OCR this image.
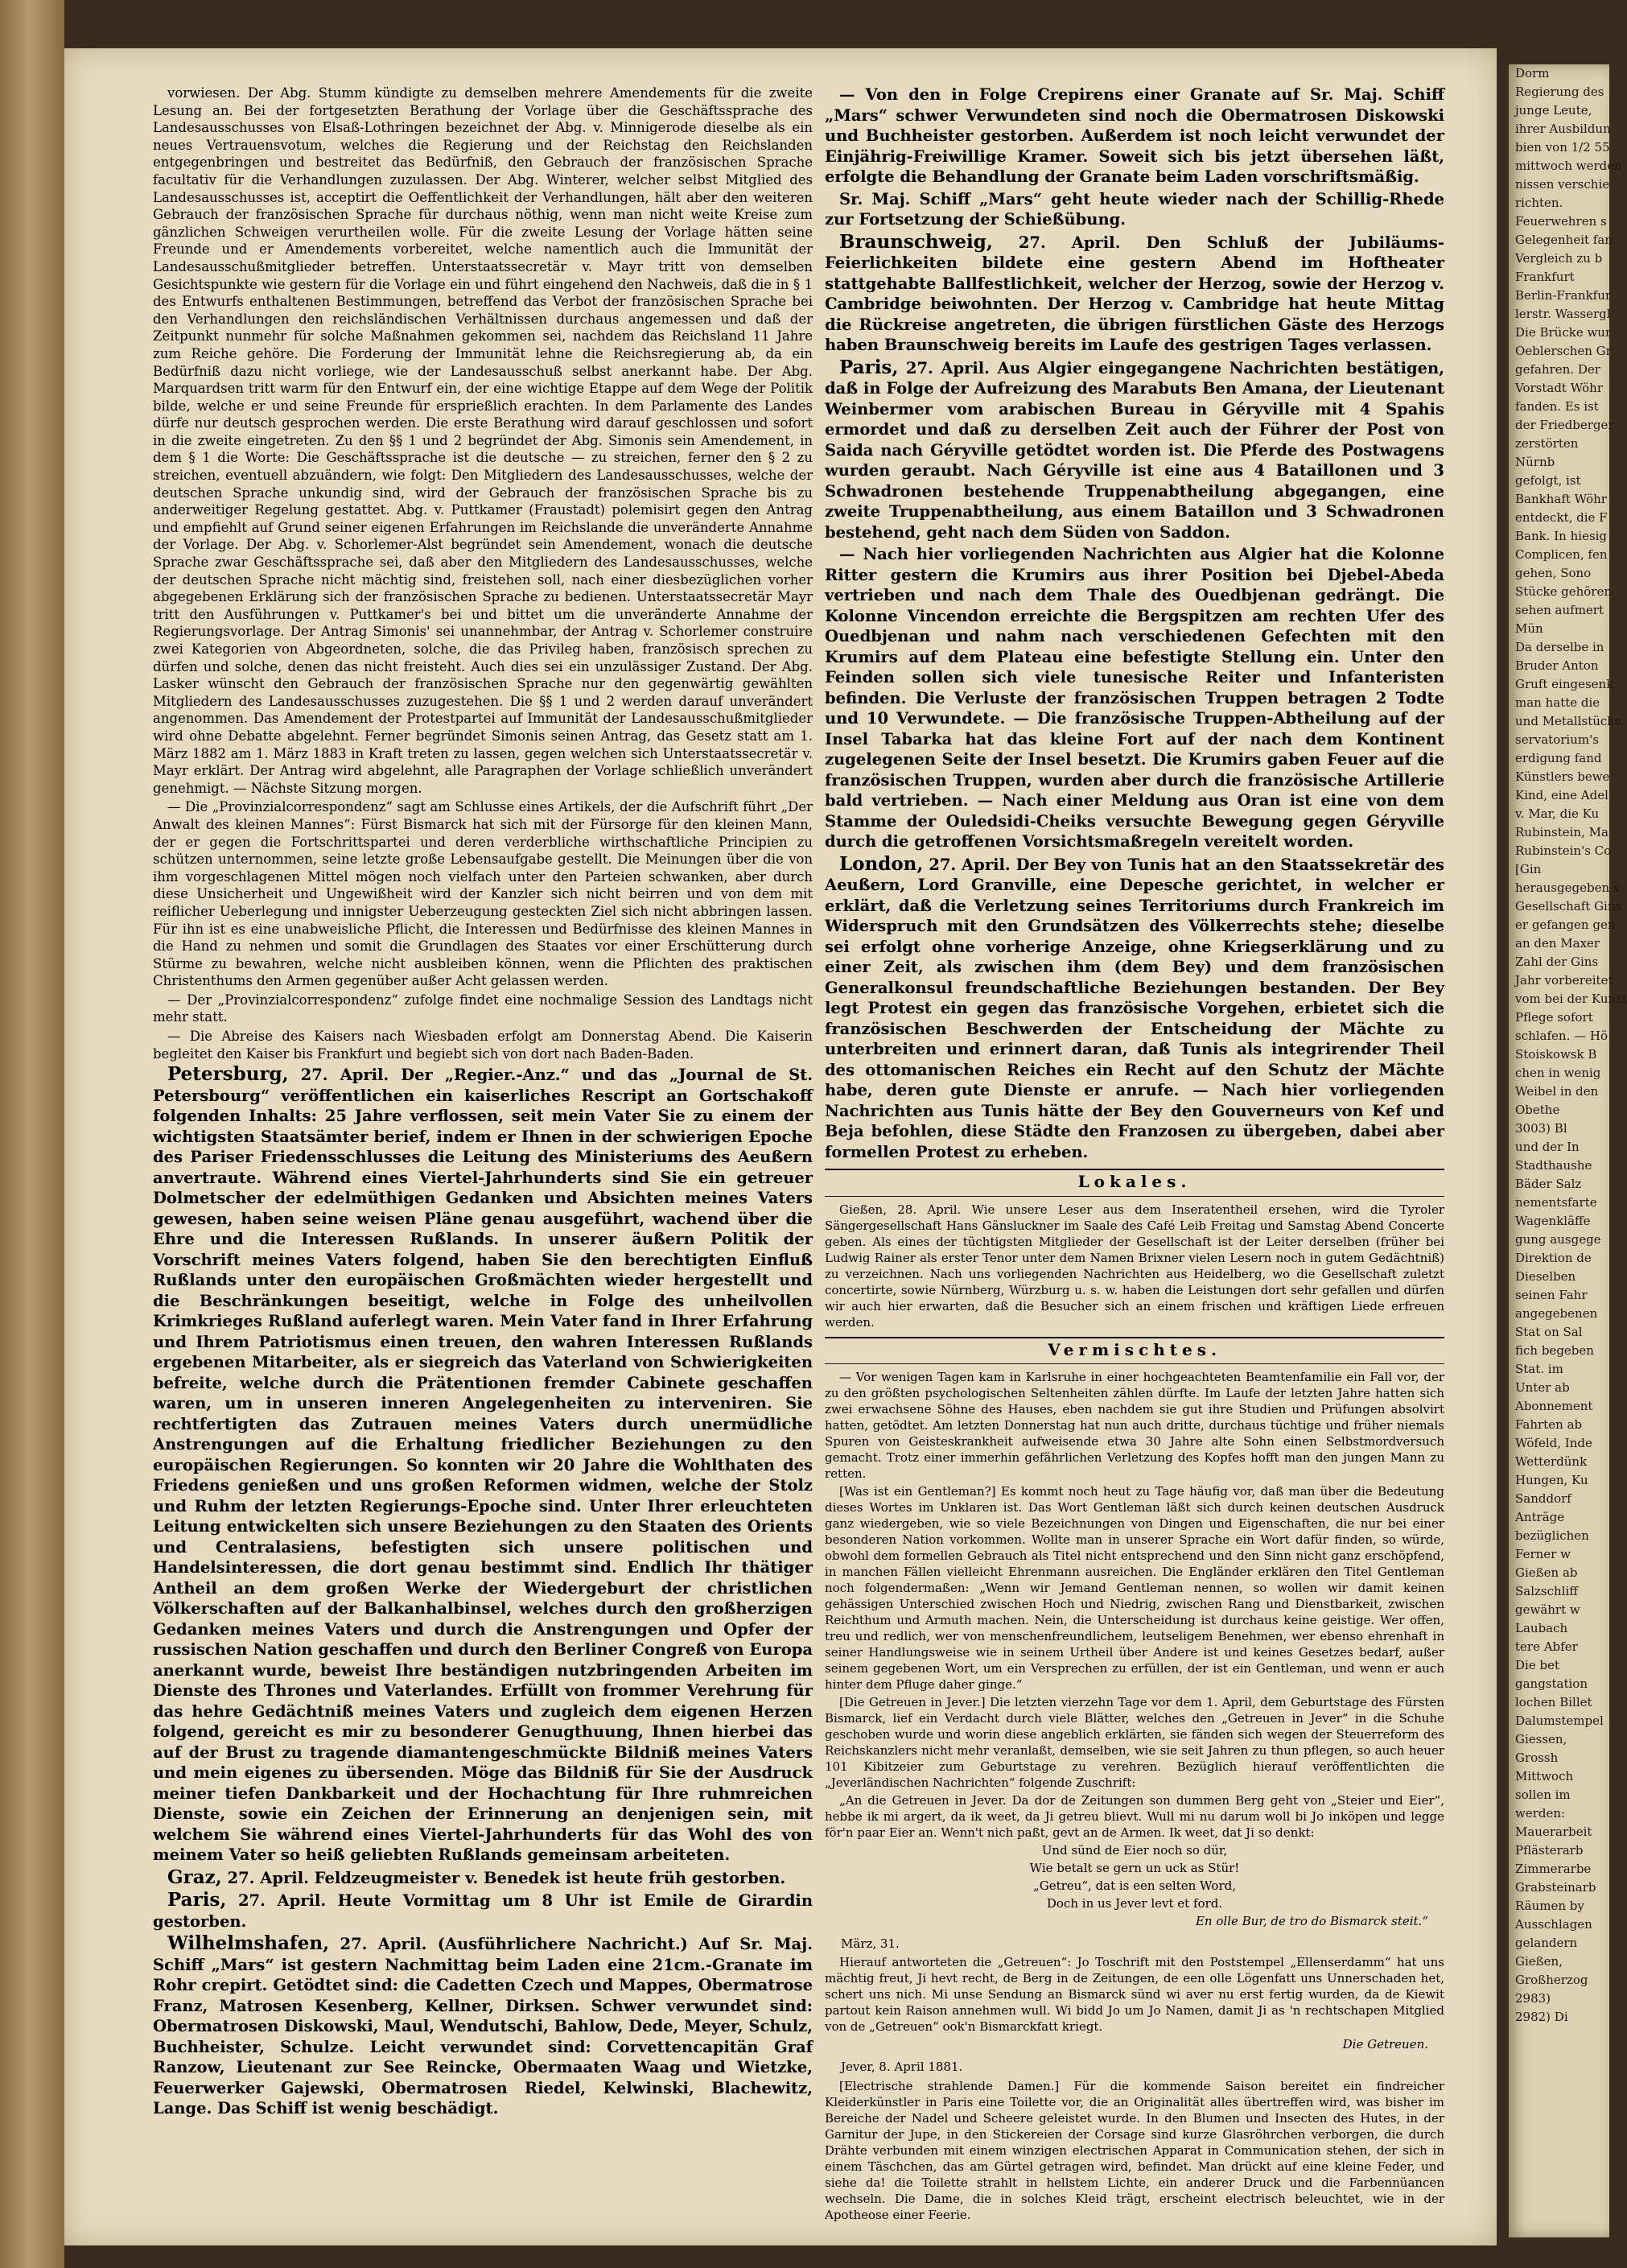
vorwiesen. Der Abg. Stumm kündigte zu demselben mehrere Amendements für die zweite Lesung an. Bei der fortgesetzten Berathung der Vorlage über die Geschäftssprache des Landesausschusses von Elsaß-Lothringen bezeichnet der Abg. v. Minnigerode dieselbe als ein neues Vertrauensvotum, welches die Regierung und der Reichstag den Reichslanden entgegenbringen und bestreitet das Bedürfniß, den Gebrauch der französischen Sprache facultativ für die Verhandlungen zuzulassen. Der Abg. Winterer, welcher selbst Mitglied des Landesausschusses ist, acceptirt die Oeffentlichkeit der Verhandlungen, hält aber den weiteren Gebrauch der französischen Sprache für durchaus nöthig, wenn man nicht weite Kreise zum gänzlichen Schweigen verurtheilen wolle. Für die zweite Lesung der Vorlage hätten seine Freunde und er Amendements vorbereitet, welche namentlich auch die Immunität der Landesausschußmitglieder betreffen. Unterstaatssecretär v. Mayr tritt von demselben Gesichtspunkte wie gestern für die Vorlage ein und führt eingehend den Nachweis, daß die in § 1 des Entwurfs enthaltenen Bestimmungen, betreffend das Verbot der französischen Sprache bei den Verhandlungen den reichsländischen Verhältnissen durchaus angemessen und daß der Zeitpunkt nunmehr für solche Maßnahmen gekommen sei, nachdem das Reichsland 11 Jahre zum Reiche gehöre. Die Forderung der Immunität lehne die Reichsregierung ab, da ein Bedürfniß dazu nicht vorliege, wie der Landesausschuß selbst anerkannt habe. Der Abg. Marquardsen tritt warm für den Entwurf ein, der eine wichtige Etappe auf dem Wege der Politik bilde, welche er und seine Freunde für ersprießlich erachten. In dem Parlamente des Landes dürfe nur deutsch gesprochen werden. Die erste Berathung wird darauf geschlossen und sofort in die zweite eingetreten. Zu den §§ 1 und 2 begründet der Abg. Simonis sein Amendement, in dem § 1 die Worte: Die Geschäftssprache ist die deutsche — zu streichen, ferner den § 2 zu streichen, eventuell abzuändern, wie folgt: Den Mitgliedern des Landesausschusses, welche der deutschen Sprache unkundig sind, wird der Gebrauch der französischen Sprache bis zu anderweitiger Regelung gestattet. Abg. v. Puttkamer (Fraustadt) polemisirt gegen den Antrag und empfiehlt auf Grund seiner eigenen Erfahrungen im Reichslande die unveränderte Annahme der Vorlage. Der Abg. v. Schorlemer-Alst begründet sein Amendement, wonach die deutsche Sprache zwar Geschäftssprache sei, daß aber den Mitgliedern des Landesausschusses, welche der deutschen Sprache nicht mächtig sind, freistehen soll, nach einer diesbezüglichen vorher abgegebenen Erklärung sich der französischen Sprache zu bedienen. Unterstaatssecretär Mayr tritt den Ausführungen v. Puttkamer's bei und bittet um die unveränderte Annahme der Regierungsvorlage. Der Antrag Simonis' sei unannehmbar, der Antrag v. Schorlemer construire zwei Kategorien von Abgeordneten, solche, die das Privileg haben, französisch sprechen zu dürfen und solche, denen das nicht freisteht. Auch dies sei ein unzulässiger Zustand. Der Abg. Lasker wünscht den Gebrauch der französischen Sprache nur den gegenwärtig gewählten Mitgliedern des Landesausschusses zuzugestehen. Die §§ 1 und 2 werden darauf unverändert angenommen. Das Amendement der Protestpartei auf Immunität der Landesausschußmitglieder wird ohne Debatte abgelehnt. Ferner begründet Simonis seinen Antrag, das Gesetz statt am 1. März 1882 am 1. März 1883 in Kraft treten zu lassen, gegen welchen sich Unterstaatssecretär v. Mayr erklärt. Der Antrag wird abgelehnt, alle Paragraphen der Vorlage schließlich unverändert genehmigt. — Nächste Sitzung morgen.

— Die „Provinzialcorrespondenz“ sagt am Schlusse eines Artikels, der die Aufschrift führt „Der Anwalt des kleinen Mannes“: Fürst Bismarck hat sich mit der Fürsorge für den kleinen Mann, der er gegen die Fortschrittspartei und deren verderbliche wirthschaftliche Principien zu schützen unternommen, seine letzte große Lebensaufgabe gestellt. Die Meinungen über die von ihm vorgeschlagenen Mittel mögen noch vielfach unter den Parteien schwanken, aber durch diese Unsicherheit und Ungewißheit wird der Kanzler sich nicht beirren und von dem mit reiflicher Ueberlegung und innigster Ueberzeugung gesteckten Ziel sich nicht abbringen lassen. Für ihn ist es eine unabweisliche Pflicht, die Interessen und Bedürfnisse des kleinen Mannes in die Hand zu nehmen und somit die Grundlagen des Staates vor einer Erschütterung durch Stürme zu bewahren, welche nicht ausbleiben können, wenn die Pflichten des praktischen Christenthums den Armen gegenüber außer Acht gelassen werden.

— Der „Provinzialcorrespondenz“ zufolge findet eine nochmalige Session des Landtags nicht mehr statt.

— Die Abreise des Kaisers nach Wiesbaden erfolgt am Donnerstag Abend. Die Kaiserin begleitet den Kaiser bis Frankfurt und begiebt sich von dort nach Baden-Baden.

Petersburg, 27. April. Der „Regier.-Anz.“ und das „Journal de St. Petersbourg“ veröffentlichen ein kaiserliches Rescript an Gortschakoff folgenden Inhalts: 25 Jahre verflossen, seit mein Vater Sie zu einem der wichtigsten Staatsämter berief, indem er Ihnen in der schwierigen Epoche des Pariser Friedensschlusses die Leitung des Ministeriums des Aeußern anvertraute. Während eines Viertel-Jahrhunderts sind Sie ein getreuer Dolmetscher der edelmüthigen Gedanken und Absichten meines Vaters gewesen, haben seine weisen Pläne genau ausgeführt, wachend über die Ehre und die Interessen Rußlands. In unserer äußern Politik der Vorschrift meines Vaters folgend, haben Sie den berechtigten Einfluß Rußlands unter den europäischen Großmächten wieder hergestellt und die Beschränkungen beseitigt, welche in Folge des unheilvollen Krimkrieges Rußland auferlegt waren. Mein Vater fand in Ihrer Erfahrung und Ihrem Patriotismus einen treuen, den wahren Interessen Rußlands ergebenen Mitarbeiter, als er siegreich das Vaterland von Schwierigkeiten befreite, welche durch die Prätentionen fremder Cabinete geschaffen waren, um in unseren inneren Angelegenheiten zu interveniren. Sie rechtfertigten das Zutrauen meines Vaters durch unermüdliche Anstrengungen auf die Erhaltung friedlicher Beziehungen zu den europäischen Regierungen. So konnten wir 20 Jahre die Wohlthaten des Friedens genießen und uns großen Reformen widmen, welche der Stolz und Ruhm der letzten Regierungs-Epoche sind. Unter Ihrer erleuchteten Leitung entwickelten sich unsere Beziehungen zu den Staaten des Orients und Centralasiens, befestigten sich unsere politischen und Handelsinteressen, die dort genau bestimmt sind. Endlich Ihr thätiger Antheil an dem großen Werke der Wiedergeburt der christlichen Völkerschaften auf der Balkanhalbinsel, welches durch den großherzigen Gedanken meines Vaters und durch die Anstrengungen und Opfer der russischen Nation geschaffen und durch den Berliner Congreß von Europa anerkannt wurde, beweist Ihre beständigen nutzbringenden Arbeiten im Dienste des Thrones und Vaterlandes. Erfüllt von frommer Verehrung für das hehre Gedächtniß meines Vaters und zugleich dem eigenen Herzen folgend, gereicht es mir zu besonderer Genugthuung, Ihnen hierbei das auf der Brust zu tragende diamantengeschmückte Bildniß meines Vaters und mein eigenes zu übersenden. Möge das Bildniß für Sie der Ausdruck meiner tiefen Dankbarkeit und der Hochachtung für Ihre ruhmreichen Dienste, sowie ein Zeichen der Erinnerung an denjenigen sein, mit welchem Sie während eines Viertel-Jahrhunderts für das Wohl des von meinem Vater so heiß geliebten Rußlands gemeinsam arbeiteten.

Graz, 27. April. Feldzeugmeister v. Benedek ist heute früh gestorben.

Paris, 27. April. Heute Vormittag um 8 Uhr ist Emile de Girardin gestorben.

Wilhelmshafen, 27. April. (Ausführlichere Nachricht.) Auf Sr. Maj. Schiff „Mars“ ist gestern Nachmittag beim Laden eine 21cm.-Granate im Rohr crepirt. Getödtet sind: die Cadetten Czech und Mappes, Obermatrose Franz, Matrosen Kesenberg, Kellner, Dirksen. Schwer verwundet sind: Obermatrosen Diskowski, Maul, Wendutschi, Bahlow, Dede, Meyer, Schulz, Buchheister, Schulze. Leicht verwundet sind: Corvettencapitän Graf Ranzow, Lieutenant zur See Reincke, Obermaaten Waag und Wietzke, Feuerwerker Gajewski, Obermatrosen Riedel, Kelwinski, Blachewitz, Lange. Das Schiff ist wenig beschädigt.

— Von den in Folge Crepirens einer Granate auf Sr. Maj. Schiff „Mars“ schwer Verwundeten sind noch die Obermatrosen Diskowski und Buchheister gestorben. Außerdem ist noch leicht verwundet der Einjährig-Freiwillige Kramer. Soweit sich bis jetzt übersehen läßt, erfolgte die Behandlung der Granate beim Laden vorschriftsmäßig.

Sr. Maj. Schiff „Mars“ geht heute wieder nach der Schillig-Rhede zur Fortsetzung der Schießübung.

Braunschweig, 27. April. Den Schluß der Jubiläums-Feierlichkeiten bildete eine gestern Abend im Hoftheater stattgehabte Ballfestlichkeit, welcher der Herzog, sowie der Herzog v. Cambridge beiwohnten. Der Herzog v. Cambridge hat heute Mittag die Rückreise angetreten, die übrigen fürstlichen Gäste des Herzogs haben Braunschweig bereits im Laufe des gestrigen Tages verlassen.

Paris, 27. April. Aus Algier eingegangene Nachrichten bestätigen, daß in Folge der Aufreizung des Marabuts Ben Amana, der Lieutenant Weinbermer vom arabischen Bureau in Géryville mit 4 Spahis ermordet und daß zu derselben Zeit auch der Führer der Post von Saida nach Géryville getödtet worden ist. Die Pferde des Postwagens wurden geraubt. Nach Géryville ist eine aus 4 Bataillonen und 3 Schwadronen bestehende Truppenabtheilung abgegangen, eine zweite Truppenabtheilung, aus einem Bataillon und 3 Schwadronen bestehend, geht nach dem Süden von Saddon.

— Nach hier vorliegenden Nachrichten aus Algier hat die Kolonne Ritter gestern die Krumirs aus ihrer Position bei Djebel-Abeda vertrieben und nach dem Thale des Ouedbjenan gedrängt. Die Kolonne Vincendon erreichte die Bergspitzen am rechten Ufer des Ouedbjenan und nahm nach verschiedenen Gefechten mit den Krumirs auf dem Plateau eine befestigte Stellung ein. Unter den Feinden sollen sich viele tunesische Reiter und Infanteristen befinden. Die Verluste der französischen Truppen betragen 2 Todte und 10 Verwundete. — Die französische Truppen-Abtheilung auf der Insel Tabarka hat das kleine Fort auf der nach dem Kontinent zugelegenen Seite der Insel besetzt. Die Krumirs gaben Feuer auf die französischen Truppen, wurden aber durch die französische Artillerie bald vertrieben. — Nach einer Meldung aus Oran ist eine von dem Stamme der Ouledsidi-Cheiks versuchte Bewegung gegen Géryville durch die getroffenen Vorsichtsmaßregeln vereitelt worden.

London, 27. April. Der Bey von Tunis hat an den Staatssekretär des Aeußern, Lord Granville, eine Depesche gerichtet, in welcher er erklärt, daß die Verletzung seines Territoriums durch Frankreich im Widerspruch mit den Grundsätzen des Völkerrechts stehe; dieselbe sei erfolgt ohne vorherige Anzeige, ohne Kriegserklärung und zu einer Zeit, als zwischen ihm (dem Bey) und dem französischen Generalkonsul freundschaftliche Beziehungen bestanden. Der Bey legt Protest ein gegen das französische Vorgehen, erbietet sich die französischen Beschwerden der Entscheidung der Mächte zu unterbreiten und erinnert daran, daß Tunis als integrirender Theil des ottomanischen Reiches ein Recht auf den Schutz der Mächte habe, deren gute Dienste er anrufe. — Nach hier vorliegenden Nachrichten aus Tunis hätte der Bey den Gouverneurs von Kef und Beja befohlen, diese Städte den Franzosen zu übergeben, dabei aber formellen Protest zu erheben.

Lokales.

Gießen, 28. April. Wie unsere Leser aus dem Inseratentheil ersehen, wird die Tyroler Sängergesellschaft Hans Gänsluckner im Saale des Café Leib Freitag und Samstag Abend Concerte geben. Als eines der tüchtigsten Mitglieder der Gesellschaft ist der Leiter derselben (früher bei Ludwig Rainer als erster Tenor unter dem Namen Brixner vielen Lesern noch in gutem Gedächtniß) zu verzeichnen. Nach uns vorliegenden Nachrichten aus Heidelberg, wo die Gesellschaft zuletzt concertirte, sowie Nürnberg, Würzburg u. s. w. haben die Leistungen dort sehr gefallen und dürfen wir auch hier erwarten, daß die Besucher sich an einem frischen und kräftigen Liede erfreuen werden.

Vermischtes.

— Vor wenigen Tagen kam in Karlsruhe in einer hochgeachteten Beamtenfamilie ein Fall vor, der zu den größten psychologischen Seltenheiten zählen dürfte. Im Laufe der letzten Jahre hatten sich zwei erwachsene Söhne des Hauses, eben nachdem sie gut ihre Studien und Prüfungen absolvirt hatten, getödtet. Am letzten Donnerstag hat nun auch dritte, durchaus tüchtige und früher niemals Spuren von Geisteskrankheit aufweisende etwa 30 Jahre alte Sohn einen Selbstmordversuch gemacht. Trotz einer immerhin gefährlichen Verletzung des Kopfes hofft man den jungen Mann zu retten.

[Was ist ein Gentleman?] Es kommt noch heut zu Tage häufig vor, daß man über die Bedeutung dieses Wortes im Unklaren ist. Das Wort Gentleman läßt sich durch keinen deutschen Ausdruck ganz wiedergeben, wie so viele Bezeichnungen von Dingen und Eigenschaften, die nur bei einer besonderen Nation vorkommen. Wollte man in unserer Sprache ein Wort dafür finden, so würde, obwohl dem formellen Gebrauch als Titel nicht entsprechend und den Sinn nicht ganz erschöpfend, in manchen Fällen vielleicht Ehrenmann ausreichen. Die Engländer erklären den Titel Gentleman noch folgendermaßen: „Wenn wir Jemand Gentleman nennen, so wollen wir damit keinen gehässigen Unterschied zwischen Hoch und Niedrig, zwischen Rang und Dienstbarkeit, zwischen Reichthum und Armuth machen. Nein, die Unterscheidung ist durchaus keine geistige. Wer offen, treu und redlich, wer von menschenfreundlichem, leutseligem Benehmen, wer ebenso ehrenhaft in seiner Handlungsweise wie in seinem Urtheil über Andere ist und keines Gesetzes bedarf, außer seinem gegebenen Wort, um ein Versprechen zu erfüllen, der ist ein Gentleman, und wenn er auch hinter dem Pfluge daher ginge.“

[Die Getreuen in Jever.] Die letzten vierzehn Tage vor dem 1. April, dem Geburtstage des Fürsten Bismarck, lief ein Verdacht durch viele Blätter, welches den „Getreuen in Jever“ in die Schuhe geschoben wurde und worin diese angeblich erklärten, sie fänden sich wegen der Steuerreform des Reichskanzlers nicht mehr veranlaßt, demselben, wie sie seit Jahren zu thun pflegen, so auch heuer 101 Kibitzeier zum Geburtstage zu verehren. Bezüglich hierauf veröffentlichten die „Jeverländischen Nachrichten“ folgende Zuschrift:

„An die Getreuen in Jever. Da dor de Zeitungen son dummen Berg geht von „Steier und Eier“, hebbe ik mi argert, da ik weet, da Ji getreu blievt. Wull mi nu darum woll bi Jo inköpen und legge för'n paar Eier an. Wenn't nich paßt, gevt an de Armen. Ik weet, dat Ji so denkt:

Und sünd de Eier noch so dür,
Wie betalt se gern un uck as Stür!
„Getreu“, dat is een selten Word,
Doch in us Jever levt et ford.
En olle Bur, de tro do Bismarck steit.“
März, 31.

Hierauf antworteten die „Getreuen“: Jo Toschrift mit den Poststempel „Ellenserdamm“ hat uns mächtig freut, Ji hevt recht, de Berg in de Zeitungen, de een olle Lögenfatt uns Unnerschaden het, schert uns nich. Mi unse Sendung an Bismarck sünd wi aver nu erst fertig wurden, da de Kiewit partout kein Raison annehmen wull. Wi bidd Jo um Jo Namen, damit Ji as 'n rechtschapen Mitglied von de „Getreuen“ ook'n Bismarckfatt kriegt.

Die Getreuen.
Jever, 8. April 1881.

[Electrische strahlende Damen.] Für die kommende Saison bereitet ein findreicher Kleiderkünstler in Paris eine Toilette vor, die an Originalität alles übertreffen wird, was bisher im Bereiche der Nadel und Scheere geleistet wurde. In den Blumen und Insecten des Hutes, in der Garnitur der Jupe, in den Stickereien der Corsage sind kurze Glasröhrchen verborgen, die durch Drähte verbunden mit einem winzigen electrischen Apparat in Communication stehen, der sich in einem Täschchen, das am Gürtel getragen wird, befindet. Man drückt auf eine kleine Feder, und siehe da! die Toilette strahlt in hellstem Lichte, ein anderer Druck und die Farbennüancen wechseln. Die Dame, die in solches Kleid trägt, erscheint electrisch beleuchtet, wie in der Apotheose einer Feerie.

Dorm

Regierung des

junge Leute,

ihrer Ausbildun

bien von 1/2 55

mittwoch werden

nissen verschie

richten.

Feuerwehren s

Gelegenheit fan

Vergleich zu b

Frankfurt

Berlin-Frankfur

lerstr. Wassergl

Die Brücke wur

Oeblerschen Gr

gefahren. Der

Vorstadt Wöhr

fanden. Es ist

der Friedberger

zerstörten

Nürnb

gefolgt, ist

Bankhaft Wöhr

entdeckt, die F

Bank. In hiesig

Complicen, fen

gehen, Sono

Stücke gehören

sehen aufmert

Mün

Da derselbe in

Bruder Anton

Gruft eingesenk

man hatte die

und Metallstückc

servatorium's

erdigung fand

Künstlers bewe

Kind, eine Adel

v. Mar, die Ku

Rubinstein, Ma

Rubinstein's Co

[Gin

herausgegeben v

Gesellschaft Gins

er gefangen gen

an den Maxer

Zahl der Gins

Jahr vorbereitet

vom bei der Kunst

Pflege sofort

schlafen. — Hö

Stoiskowsk B

chen in wenig

Weibel in den

Obethe

3003) Bl

und der In

Stadthaushe

Bäder Salz

nementsfarte

Wagenkläffe

gung ausgege

Direktion de

Dieselben

seinen Fahr

angegebenen

Stat on Sal

fich begeben

Stat. im

Unter ab

Abonnement

Fahrten ab

Wöfeld, Inde

Wetterdünk

Hungen, Ku

Sanddorf

Anträge

bezüglichen

Ferner w

Gießen ab

Salzschliff

gewährt w

Laubach

tere Abfer

Die bet

gangstation

lochen Billet

Dalumstempel

Giessen,

Grossh

Mittwoch

sollen im

werden:

Mauerarbeit

Pflästerarb

Zimmerarbe

Grabsteinarb

Räumen by

Ausschlagen

gelandern

Gießen,

Großherzog

2983)

2982) Di
